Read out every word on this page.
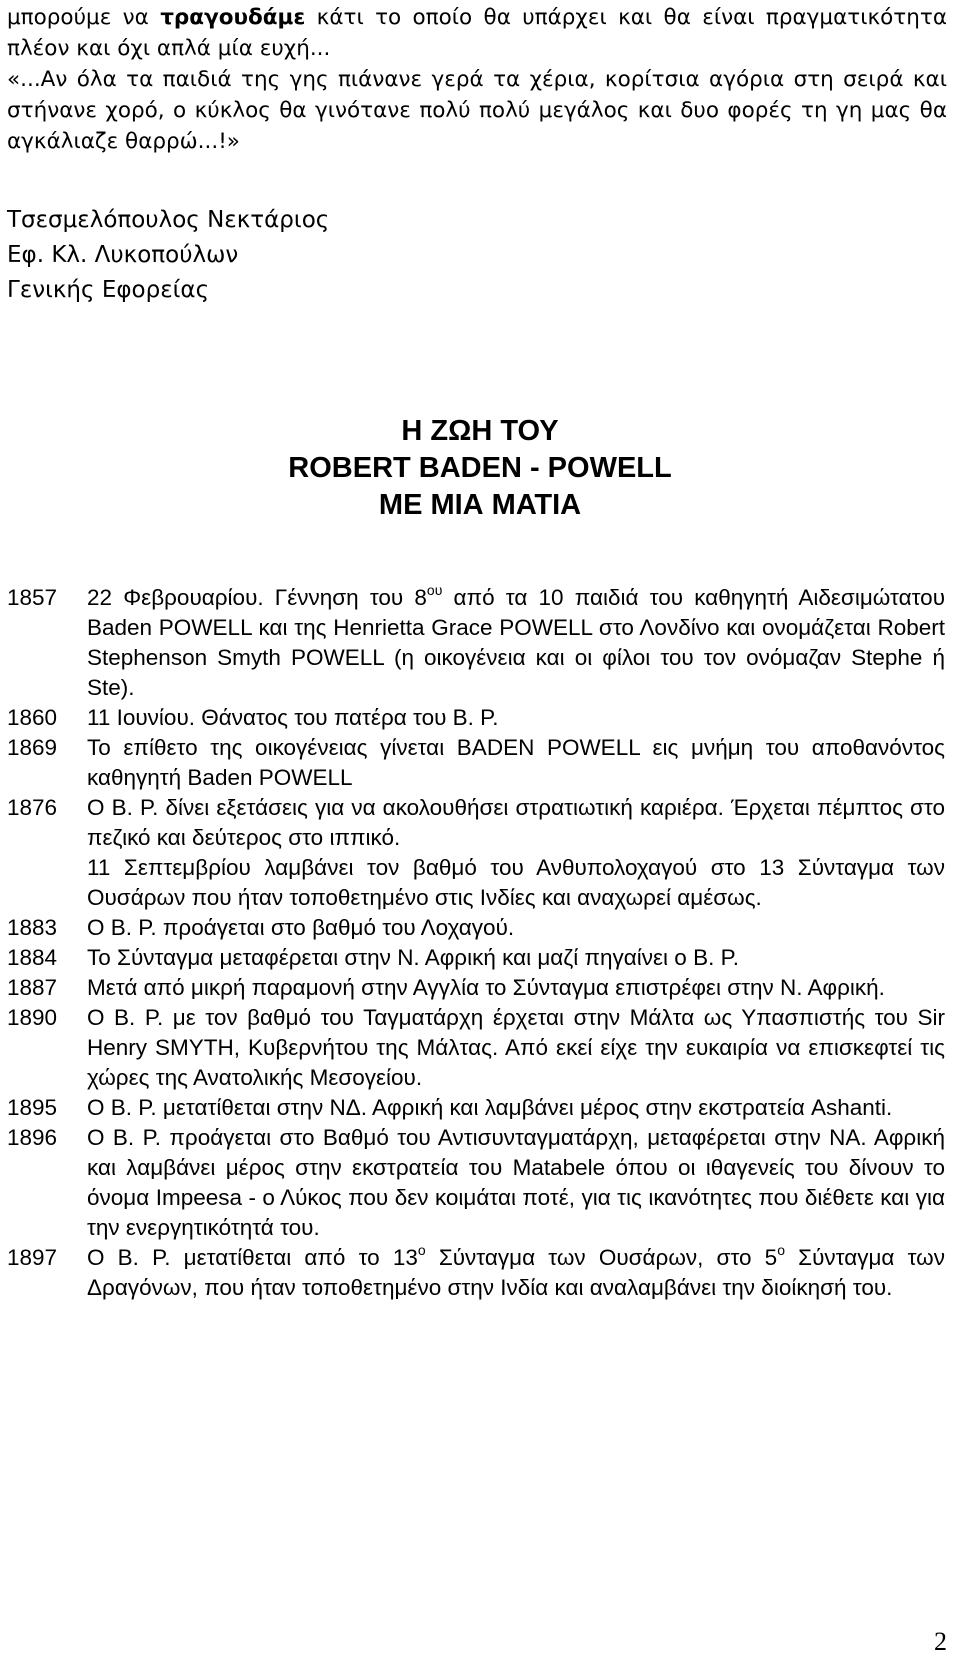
μπορούμε να τραγουδάμε κάτι το οποίο θα υπάρχει και θα είναι πραγματικότητα πλέον και όχι απλά μία ευχή...

«...Αν όλα τα παιδιά της γης πιάνανε γερά τα χέρια, κορίτσια αγόρια στη σειρά και στήνανε χορό, ο κύκλος θα γινότανε πολύ πολύ μεγάλος και δυο φορές τη γη μας θα αγκάλιαζε θαρρώ...!»

Τσεσμελόπουλος Νεκτάριος
Εφ. Κλ. Λυκοπούλων
Γενικής Εφορείας
Η ΖΩΗ ΤΟΥ
ROBERT BADEN - POWELL
ΜΕ ΜΙΑ ΜΑΤΙΑ
1857	22 Φεβρουαρίου. Γέννηση του $8^{o\upsilon}$ από τα 10 παιδιά του καθηγητή Αιδεσιμώτατου Baden POWELL και της Henrietta Grace POWELL στο Λονδίνο και ονομάζεται Robert Stephenson Smyth POWELL (η οικογένεια και οι φίλοι του τον ονόμαζαν Stephe ή Ste).

1860	11 Ιουνίου. Θάνατος του πατέρα του Β. Ρ.

1869	Το επίθετο της οικογένειας γίνεται BADEN POWELL εις μνήμη του αποθανόντος καθηγητή Baden POWELL

1876	Ο Β. Ρ. δίνει εξετάσεις για να ακολουθήσει στρατιωτική καριέρα. Έρχεται πέμπτος στο πεζικό και δεύτερος στο ιππικό.

11 Σεπτεμβρίου λαμβάνει τον βαθμό του Ανθυπολοχαγού στο 13 Σύνταγμα των Ουσάρων που ήταν τοποθετημένο στις Ινδίες και αναχωρεί αμέσως.

1883	Ο Β. Ρ. προάγεται στο βαθμό του Λοχαγού.

1884	Το Σύνταγμα μεταφέρεται στην Ν. Αφρική και μαζί πηγαίνει ο Β. Ρ.

1887	Μετά από μικρή παραμονή στην Αγγλία το Σύνταγμα επιστρέφει στην Ν. Αφρική.

1890	Ο Β. Ρ. με τον βαθμό του Ταγματάρχη έρχεται στην Μάλτα ως Υπασπιστής του Sir Henry SMYTH, Κυβερνήτου της Μάλτας. Από εκεί είχε την ευκαιρία να επισκεφτεί τις χώρες της Ανατολικής Μεσογείου.

1895	Ο Β. Ρ. μετατίθεται στην ΝΔ. Αφρική και λαμβάνει μέρος στην εκστρατεία Ashanti.

1896	Ο Β. Ρ. προάγεται στο Βαθμό του Αντισυνταγματάρχη, μεταφέρεται στην ΝΑ. Αφρική και λαμβάνει μέρος στην εκστρατεία του Matabele όπου οι ιθαγενείς του δίνουν το όνομα Impeesa - ο Λύκος που δεν κοιμάται ποτέ, για τις ικανότητες που διέθετε και για την ενεργητικότητά του.

1897	Ο Β. Ρ. μετατίθεται από το $13^o$ Σύνταγμα των Ουσάρων, στο $5^o$ Σύνταγμα των Δραγόνων, που ήταν τοποθετημένο στην Ινδία και αναλαμβάνει την διοίκησή του.

2
